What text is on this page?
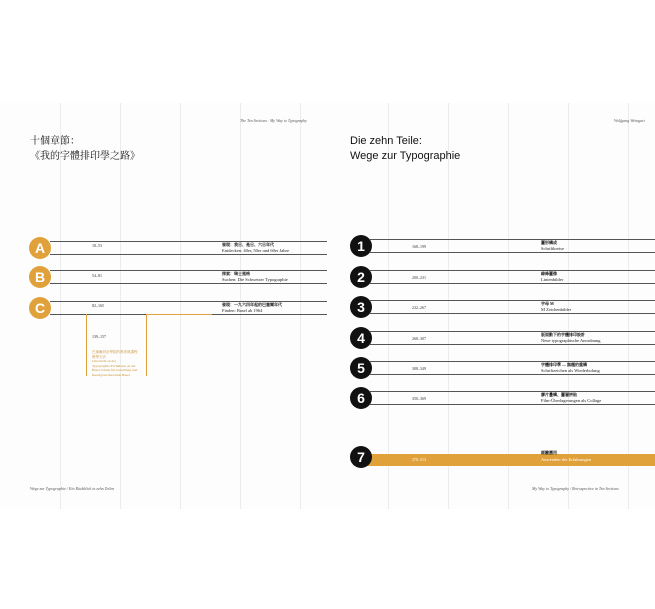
The Ten Sections · My Way to Typography
十個章節：
《我的字體排印學之路》
A	18–53	發現：我⽇、是⽇、六⽇年代
Entdecken: 40er, 50er und 60er Jahre
B	54–81	探索：瑞士風格
Suchen: Die Schweizer Typographie
C	82–165	發現：一九六四年起的巴塞爾年代
Finden: Basel ab 1964
139–157
巴塞爾設計學院的教育與課程
教學方法
Unterricht an der
Typographie-Fachklasse an der
Basel Schule für Gestaltung und
Kunstgewerbeschule Basel
Wege zur Typographie / Ein Rückblick in zehn Teilen
Wolfgang Weingart
Die zehn Teile:
Wege zur Typographie
1	168–199
圖形構成
Schriftkreise
2	200–231
線條圖像
Linienbilder
3	232–267
字母 M
M Zeichenbilder
4	268–307
版面動下的字體排印設計
Neue typographische Anordnung
5	308–349
字體排印學 — 無題的重構
Schriftzeichen als Wiederholung
6	350–369
膠片疊構、圖層拼貼
Film-Überlagerungen als Collage
7	370–513
經驗應用
Anwenden der Erfahrungen
My Way to Typography / Retrospective in Ten Sections
